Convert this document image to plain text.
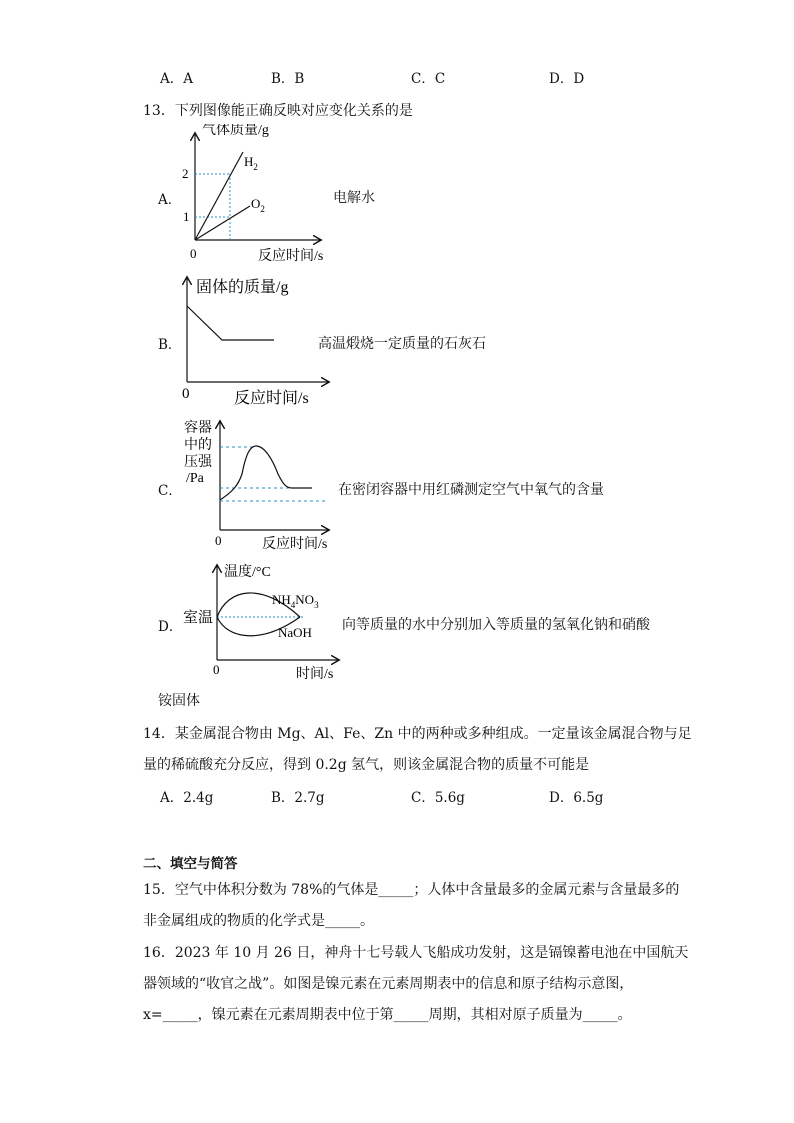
A．A	B．B	C．C	D．D
13．下列图像能正确反映对应变化关系的是
A．	电解水
气体质量/g
2
1
0	反应时间/s
$H_2$
$O_2$
B．	高温煅烧一定质量的石灰石
固体的质量/g
0	反应时间/s
C．	在密闭容器中用红磷测定空气中氧气的含量
容器
中的
压强
/Pa
0	反应时间/s
D．	向等质量的水中分别加入等质量的氢氧化钠和硝酸
温度/°C
室温
$NH_4NO_3$
NaOH
0	时间/s
铵固体
14．某金属混合物由 Mg、Al、Fe、Zn 中的两种或多种组成。一定量该金属混合物与足
量的稀硫酸充分反应，得到 0.2g 氢气，则该金属混合物的质量不可能是
A．2.4g	B．2.7g	C．5.6g	D．6.5g
二、填空与简答
15．空气中体积分数为 78%的气体是_____；人体中含量最多的金属元素与含量最多的
非金属组成的物质的化学式是_____。
16．2023 年 10 月 26 日，神舟十七号载人飞船成功发射，这是镉镍蓄电池在中国航天
器领域的“收官之战”。如图是镍元素在元素周期表中的信息和原子结构示意图，
x=_____，镍元素在元素周期表中位于第_____周期，其相对原子质量为_____。
